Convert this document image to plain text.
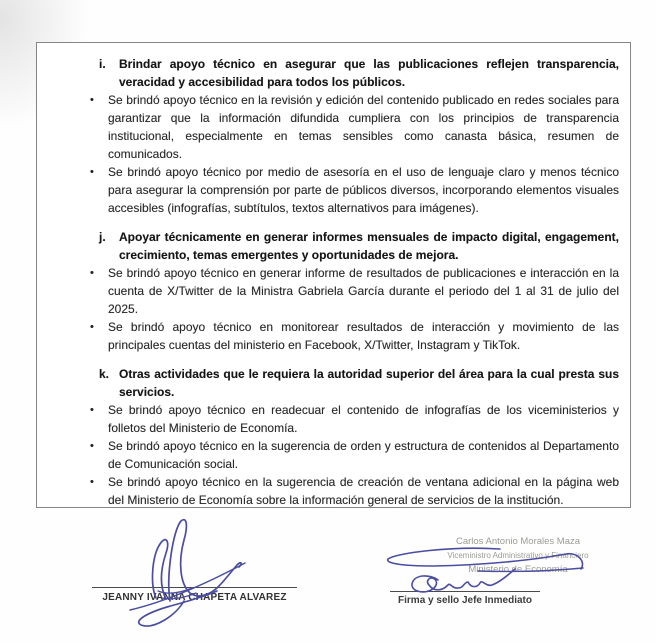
i.	Brindar apoyo técnico en asegurar que las publicaciones reflejen transparencia, veracidad y accesibilidad para todos los públicos.
•	Se brindó apoyo técnico en la revisión y edición del contenido publicado en redes sociales para garantizar que la información difundida cumpliera con los principios de transparencia institucional, especialmente en temas sensibles como canasta básica, resumen de comunicados.
•	Se brindó apoyo técnico por medio de asesoría en el uso de lenguaje claro y menos técnico para asegurar la comprensión por parte de públicos diversos, incorporando elementos visuales accesibles (infografías, subtítulos, textos alternativos para imágenes).
j.	Apoyar técnicamente en generar informes mensuales de impacto digital, engagement, crecimiento, temas emergentes y oportunidades de mejora.
•	Se brindó apoyo técnico en generar informe de resultados de publicaciones e interacción en la cuenta de X/Twitter de la Ministra Gabriela García durante el periodo del 1 al 31 de julio del 2025.
•	Se brindó apoyo técnico en monitorear resultados de interacción y movimiento de las principales cuentas del ministerio en Facebook, X/Twitter, Instagram y TikTok.
k. Otras actividades que le requiera la autoridad superior del área para la cual presta sus servicios.
•	Se brindó apoyo técnico en readecuar el contenido de infografías de los viceministerios y folletos del Ministerio de Economía.
•	Se brindó apoyo técnico en la sugerencia de orden y estructura de contenidos al Departamento de Comunicación social.
•	Se brindó apoyo técnico en la sugerencia de creación de ventana adicional en la página web del Ministerio de Economía sobre la información general de servicios de la institución.
JEANNY IVANNA CHAPETA ALVAREZ
Carlos Antonio Morales Maza
Viceministro Administrativo y Financiero
Ministerio de Economía
Firma y sello Jefe Inmediato
